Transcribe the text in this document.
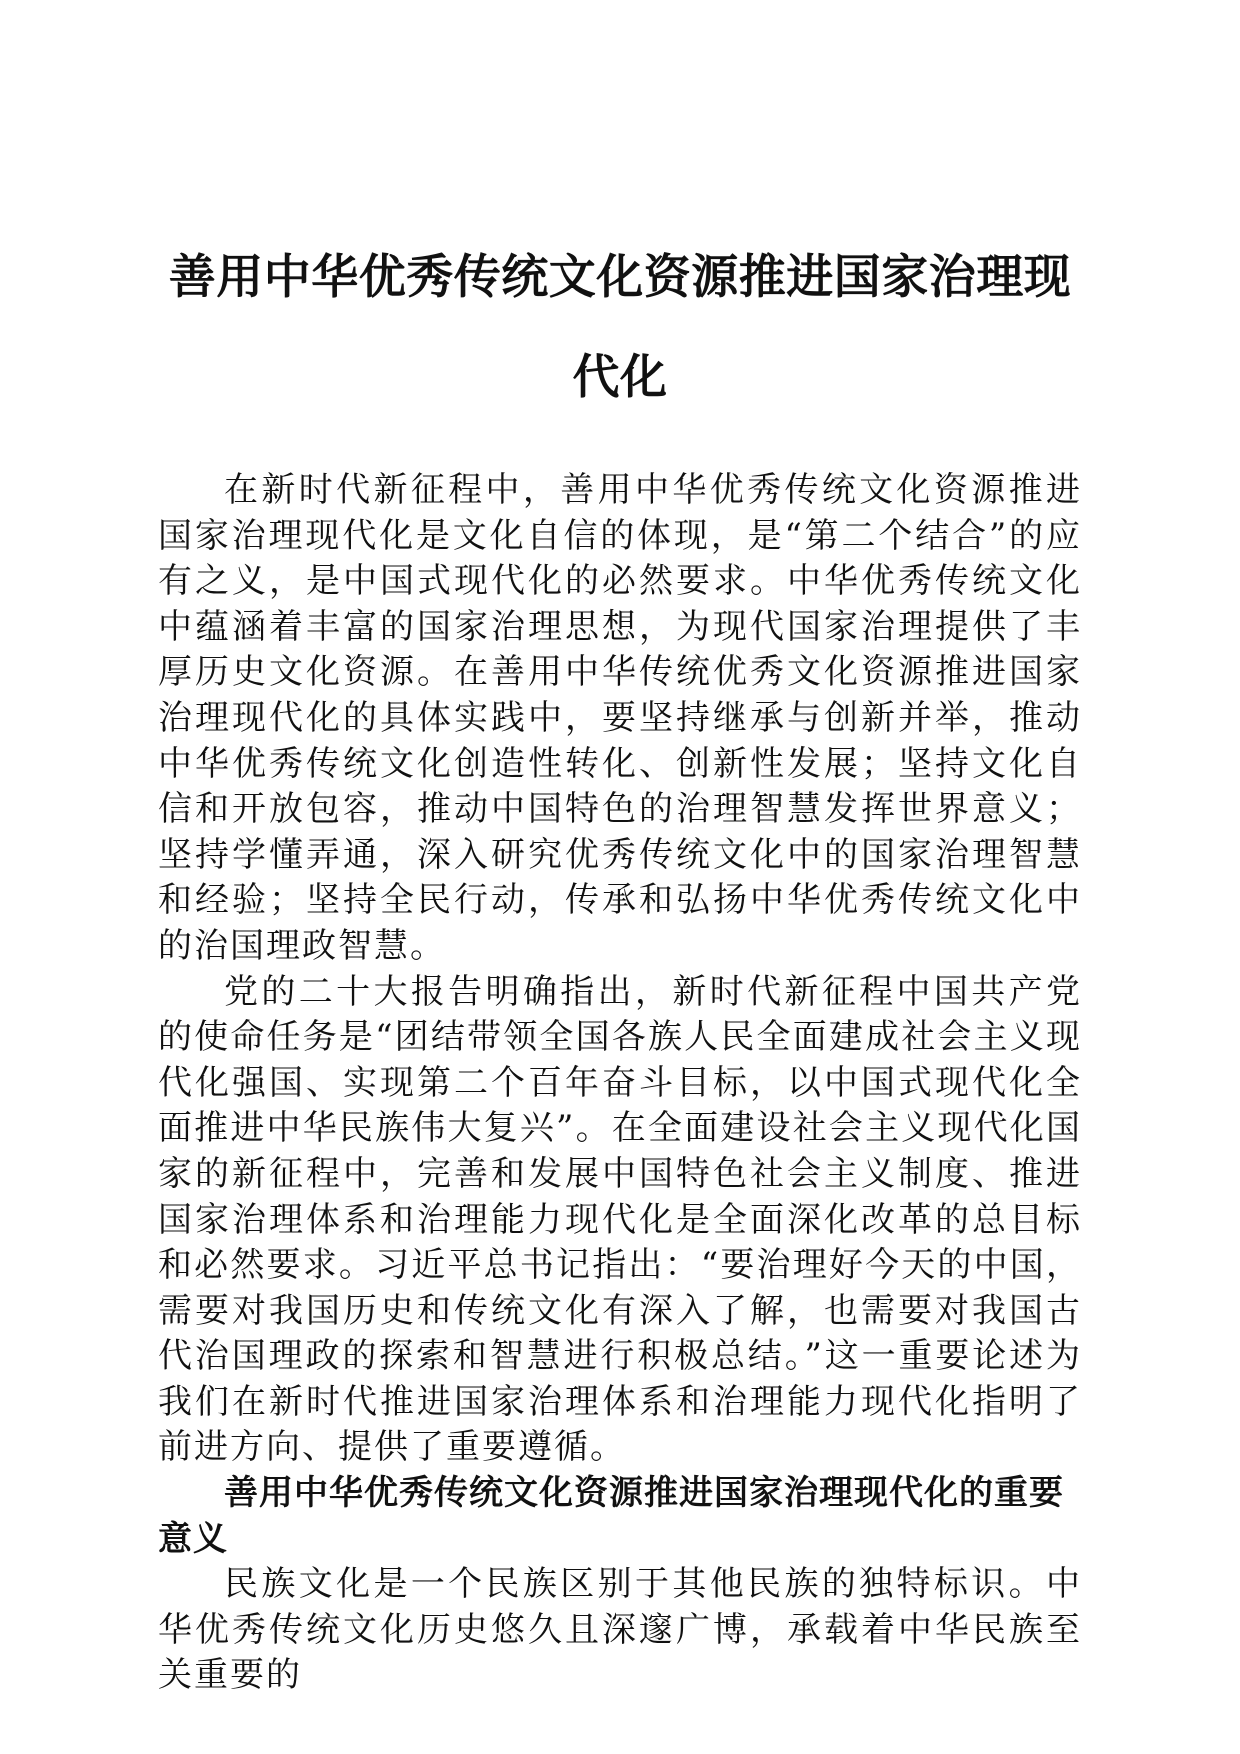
善用中华优秀传统文化资源推进国家治理现代化

在新时代新征程中，善用中华优秀传统文化资源推进国家治理现代化是文化自信的体现，是“第二个结合”的应有之义，是中国式现代化的必然要求。中华优秀传统文化中蕴涵着丰富的国家治理思想，为现代国家治理提供了丰厚历史文化资源。在善用中华传统优秀文化资源推进国家治理现代化的具体实践中，要坚持继承与创新并举，推动中华优秀传统文化创造性转化、创新性发展；坚持文化自信和开放包容，推动中国特色的治理智慧发挥世界意义；坚持学懂弄通，深入研究优秀传统文化中的国家治理智慧和经验；坚持全民行动，传承和弘扬中华优秀传统文化中的治国理政智慧。

党的二十大报告明确指出，新时代新征程中国共产党的使命任务是“团结带领全国各族人民全面建成社会主义现代化强国、实现第二个百年奋斗目标，以中国式现代化全面推进中华民族伟大复兴”。在全面建设社会主义现代化国家的新征程中，完善和发展中国特色社会主义制度、推进国家治理体系和治理能力现代化是全面深化改革的总目标和必然要求。习近平总书记指出：“要治理好今天的中国，需要对我国历史和传统文化有深入了解，也需要对我国古代治国理政的探索和智慧进行积极总结。”这一重要论述为我们在新时代推进国家治理体系和治理能力现代化指明了前进方向、提供了重要遵循。

善用中华优秀传统文化资源推进国家治理现代化的重要意义

民族文化是一个民族区别于其他民族的独特标识。中华优秀传统文化历史悠久且深邃广博，承载着中华民族至关重要的
